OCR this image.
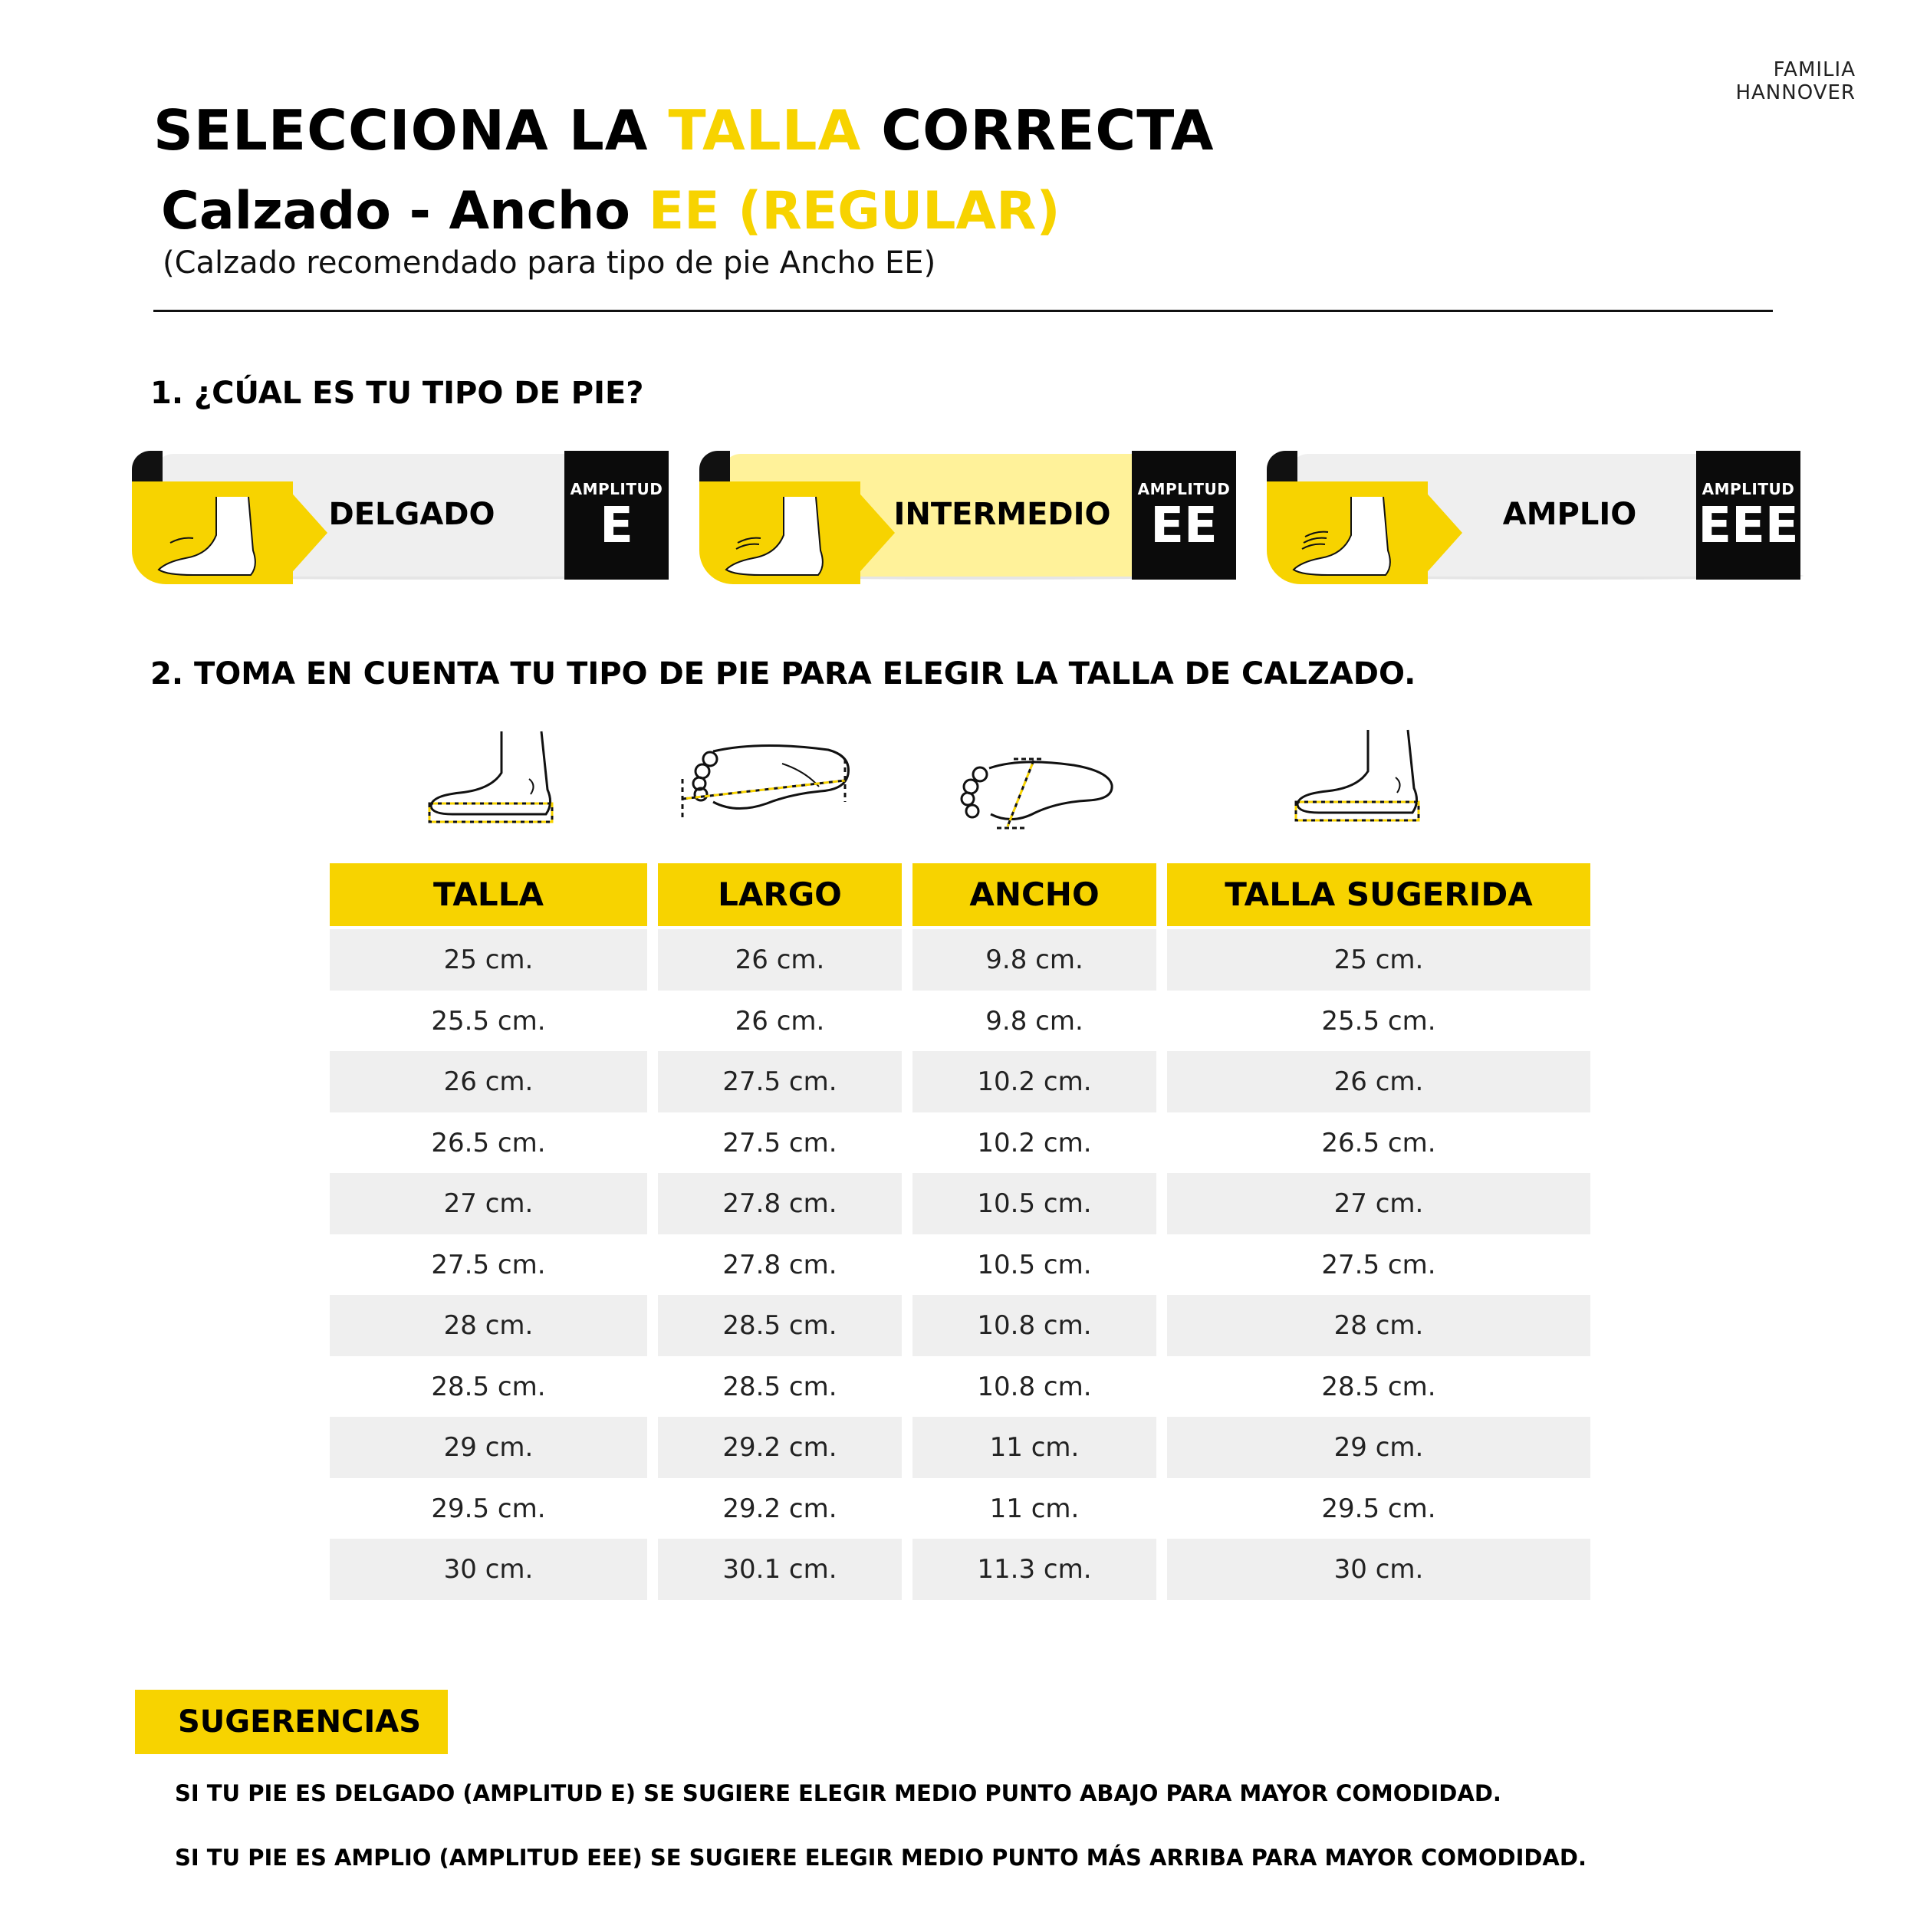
FAMILIA HANNOVER
SELECCIONA LA TALLA CORRECTA
Calzado - Ancho EE (REGULAR)
(Calzado recomendado para tipo de pie Ancho EE)
1. ¿CÚAL ES TU TIPO DE PIE?
DELGADO
AMPLITUD
E	INTERMEDIO
AMPLITUD
EE	AMPLIO
AMPLITUD
EEE
2. TOMA EN CUENTA TU TIPO DE PIE PARA ELEGIR LA TALLA DE CALZADO.
TALLA	LARGO	ANCHO	TALLA SUGERIDA
25 cm.	26 cm.	9.8 cm.	25 cm.
25.5 cm.	26 cm.	9.8 cm.	25.5 cm.
26 cm.	27.5 cm.	10.2 cm.	26 cm.
26.5 cm.	27.5 cm.	10.2 cm.	26.5 cm.
27 cm.	27.8 cm.	10.5 cm.	27 cm.
27.5 cm.	27.8 cm.	10.5 cm.	27.5 cm.
28 cm.	28.5 cm.	10.8 cm.	28 cm.
28.5 cm.	28.5 cm.	10.8 cm.	28.5 cm.
29 cm.	29.2 cm.	11 cm.	29 cm.
29.5 cm.	29.2 cm.	11 cm.	29.5 cm.
30 cm.	30.1 cm.	11.3 cm.	30 cm.
SUGERENCIAS
SI TU PIE ES DELGADO (AMPLITUD E) SE SUGIERE ELEGIR MEDIO PUNTO ABAJO PARA MAYOR COMODIDAD.
SI TU PIE ES AMPLIO (AMPLITUD EEE) SE SUGIERE ELEGIR MEDIO PUNTO MÁS ARRIBA PARA MAYOR COMODIDAD.
